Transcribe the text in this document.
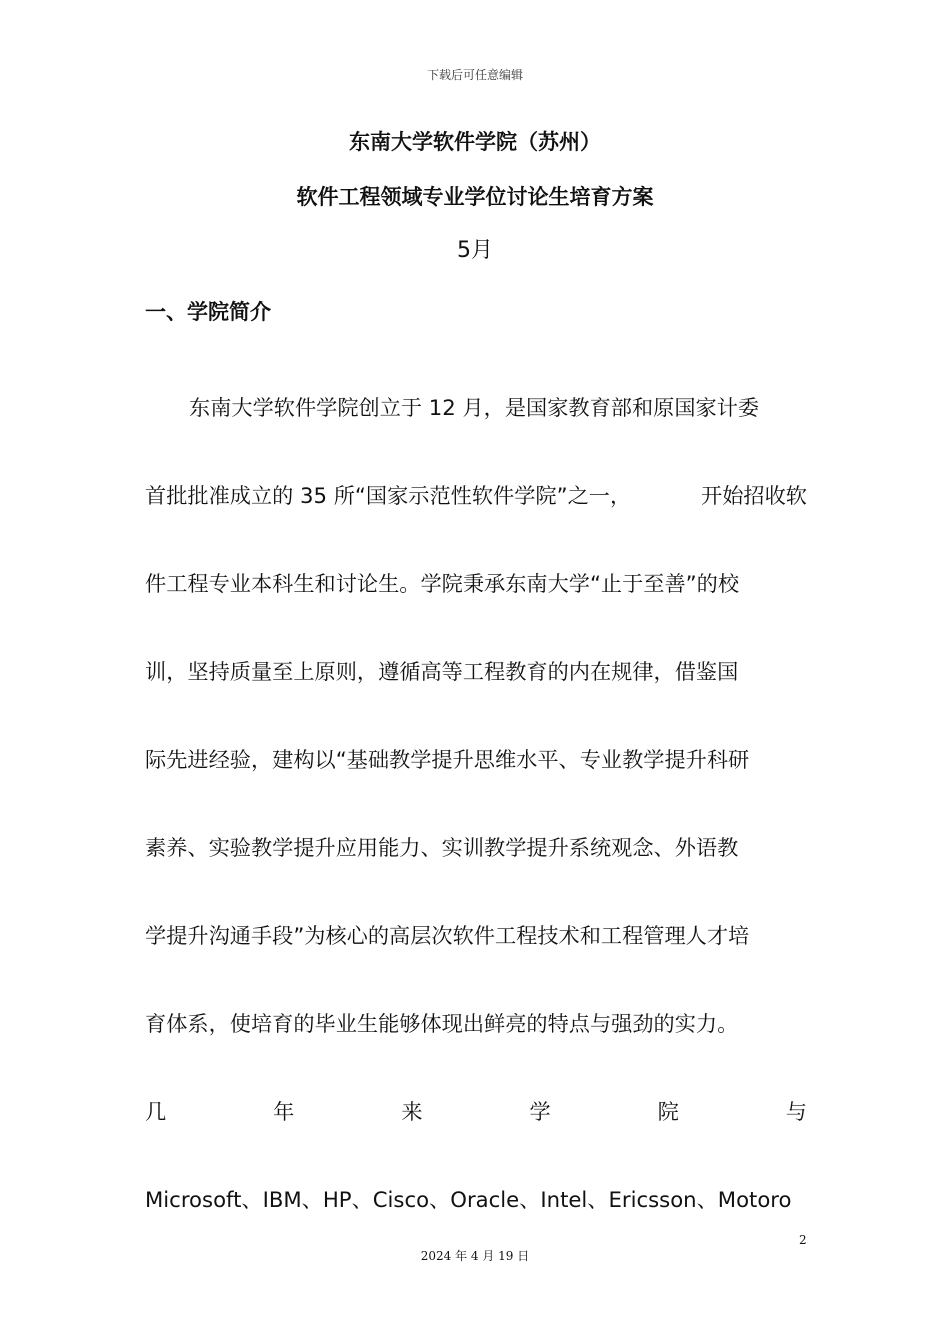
下载后可任意编辑
东南大学软件学院（苏州）
软件工程领域专业学位讨论生培育方案
5月
一、学院简介
东南大学软件学院创立于 12 月，是国家教育部和原国家计委
首批批准成立的 35 所“国家示范性软件学院”之一，	开始招收软
件工程专业本科生和讨论生。学院秉承东南大学“止于至善”的校
训，坚持质量至上原则，遵循高等工程教育的内在规律，借鉴国
际先进经验，建构以“基础教学提升思维水平、专业教学提升科研
素养、实验教学提升应用能力、实训教学提升系统观念、外语教
学提升沟通手段”为核心的高层次软件工程技术和工程管理人才培
育体系，使培育的毕业生能够体现出鲜亮的特点与强劲的实力。
几	年	来	学	院	与
Microsoft、IBM、HP、Cisco、Oracle、Intel、Ericsson、Motoro
2
2024 年 4 月 19 日
